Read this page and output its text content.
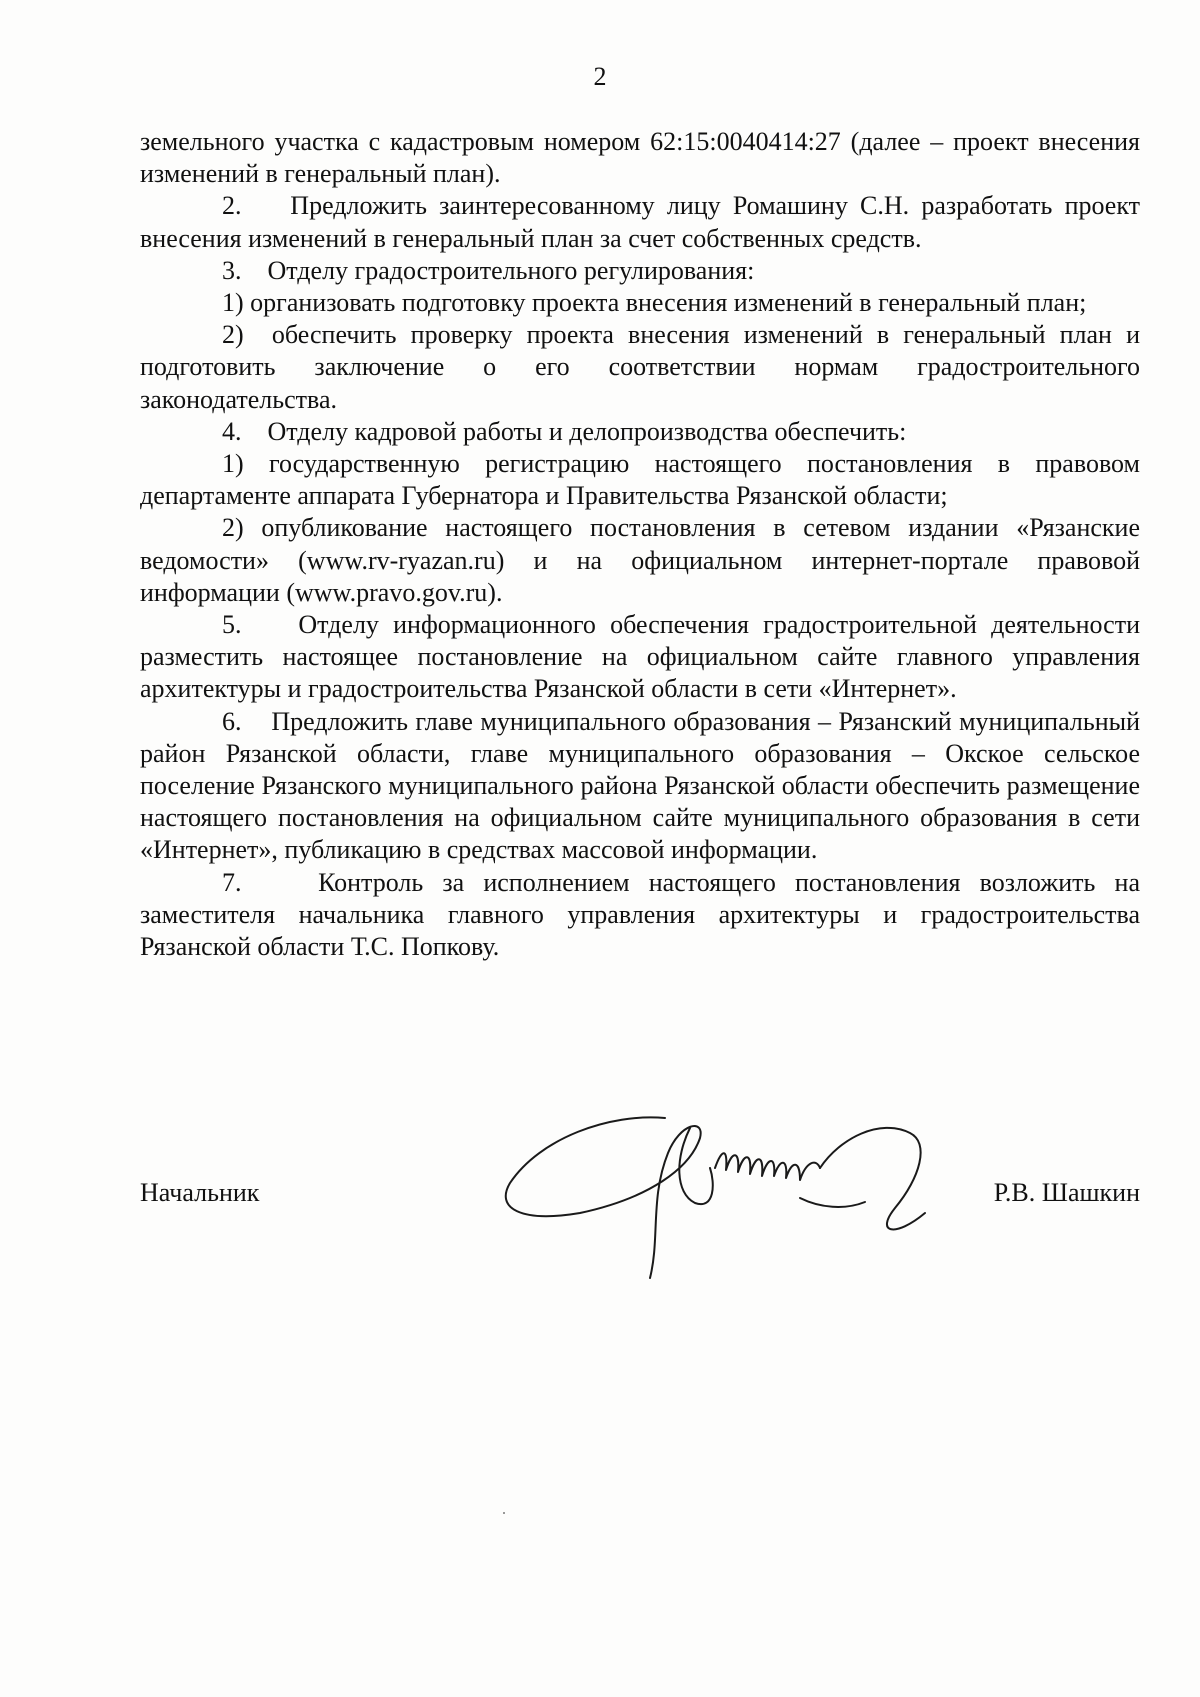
2

земельного участка с кадастровым номером 62:15:0040414:27 (далее – проект внесения изменений в генеральный план).

2.    Предложить заинтересованному лицу Ромашину С.Н. разработать проект внесения изменений в генеральный план за счет собственных средств.

3.    Отделу градостроительного регулирования:

1) организовать подготовку проекта внесения изменений в генеральный план;

2)  обеспечить проверку проекта внесения изменений в генеральный план и подготовить заключение о его соответствии нормам градостроительного законодательства.

4.    Отделу кадровой работы и делопроизводства обеспечить:

1) государственную регистрацию настоящего постановления в правовом департаменте аппарата Губернатора и Правительства Рязанской области;

2) опубликование настоящего постановления в сетевом издании «Рязанские ведомости» (www.rv-ryazan.ru) и на официальном интернет-портале правовой информации (www.pravo.gov.ru).

5.    Отделу информационного обеспечения градостроительной деятельности разместить настоящее постановление на официальном сайте главного управления архитектуры и градостроительства Рязанской области в сети «Интернет».

6.    Предложить главе муниципального образования – Рязанский муниципальный район Рязанской области, главе муниципального образования – Окское сельское поселение Рязанского муниципального района Рязанской области обеспечить размещение настоящего постановления на официальном сайте муниципального образования в сети «Интернет», публикацию в средствах массовой информации.

7.    Контроль за исполнением настоящего постановления возложить на заместителя начальника главного управления архитектуры и градостроительства Рязанской области Т.С. Попкову.

Начальник	Р.В. Шашкин
